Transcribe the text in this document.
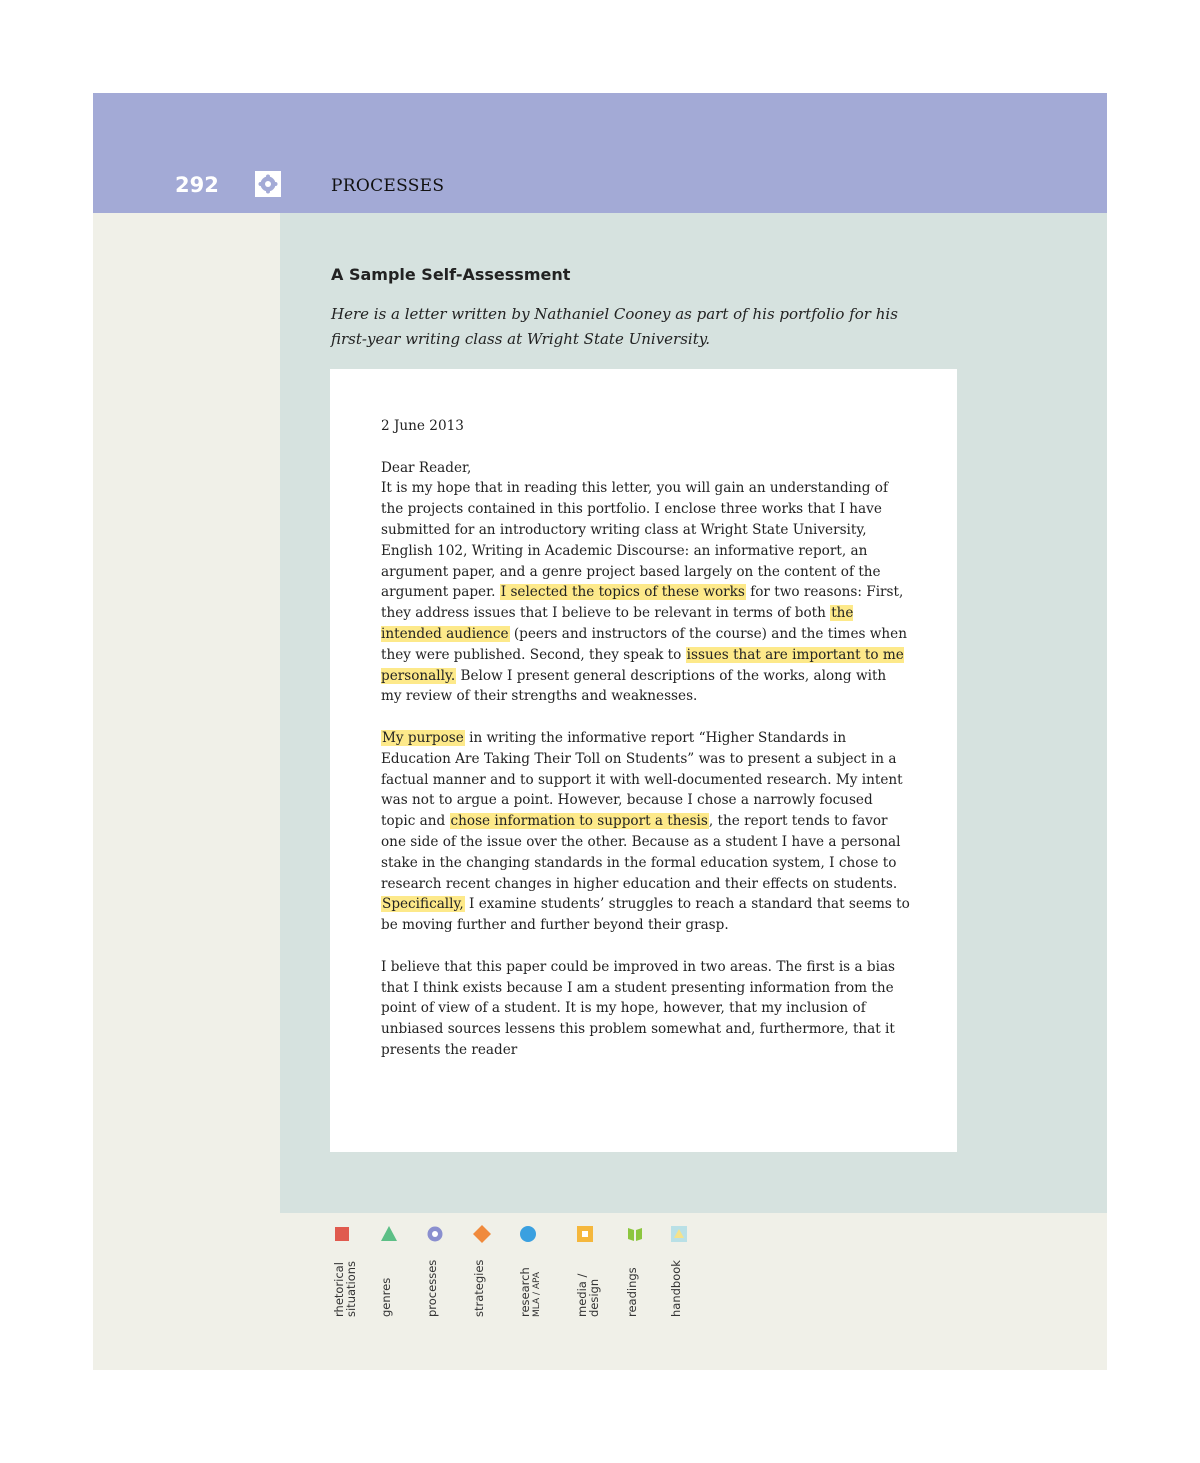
292	PROCESSES
A Sample Self-Assessment
Here is a letter written by Nathaniel Cooney as part of his portfolio for his first-year writing class at Wright State University.

2 June 2013

Dear Reader,

It is my hope that in reading this letter, you will gain an understanding of the projects contained in this portfolio. I enclose three works that I have submitted for an introductory writing class at Wright State University, English 102, Writing in Academic Discourse: an informative report, an argument paper, and a genre project based largely on the content of the argument paper. I selected the topics of these works for two reasons: First, they address issues that I believe to be relevant in terms of both the intended audience (peers and instructors of the course) and the times when they were published. Second, they speak to issues that are important to me personally. Below I present general descriptions of the works, along with my review of their strengths and weaknesses.

My purpose in writing the informative report “Higher Standards in Education Are Taking Their Toll on Students” was to present a subject in a factual manner and to support it with well-documented research. My intent was not to argue a point. However, because I chose a narrowly focused topic and chose information to support a thesis, the report tends to favor one side of the issue over the other. Because as a student I have a personal stake in the changing standards in the formal education system, I chose to research recent changes in higher education and their effects on students. Specifically, I examine students’ struggles to reach a standard that seems to be moving further and further beyond their grasp.

I believe that this paper could be improved in two areas. The first is a bias that I think exists because I am a student presenting information from the point of view of a student. It is my hope, however, that my inclusion of unbiased sources lessens this problem somewhat and, furthermore, that it presents the reader

rhetorical
situations genres	processes	strategies	research MLA / APA	media /
design readings	handbook
